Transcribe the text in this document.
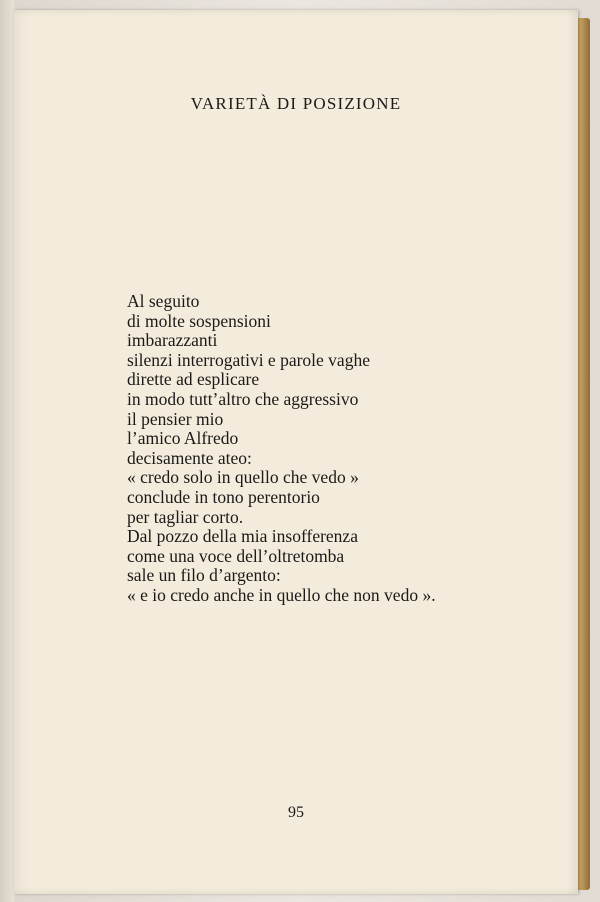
VARIETÀ DI POSIZIONE
Al seguito
di molte sospensioni
imbarazzanti
silenzi interrogativi e parole vaghe
dirette ad esplicare
in modo tutt’altro che aggressivo
il pensier mio
l’amico Alfredo
decisamente ateo:
« credo solo in quello che vedo »
conclude in tono perentorio
per tagliar corto.
Dal pozzo della mia insofferenza
come una voce dell’oltretomba
sale un filo d’argento:
« e io credo anche in quello che non vedo ».
95
